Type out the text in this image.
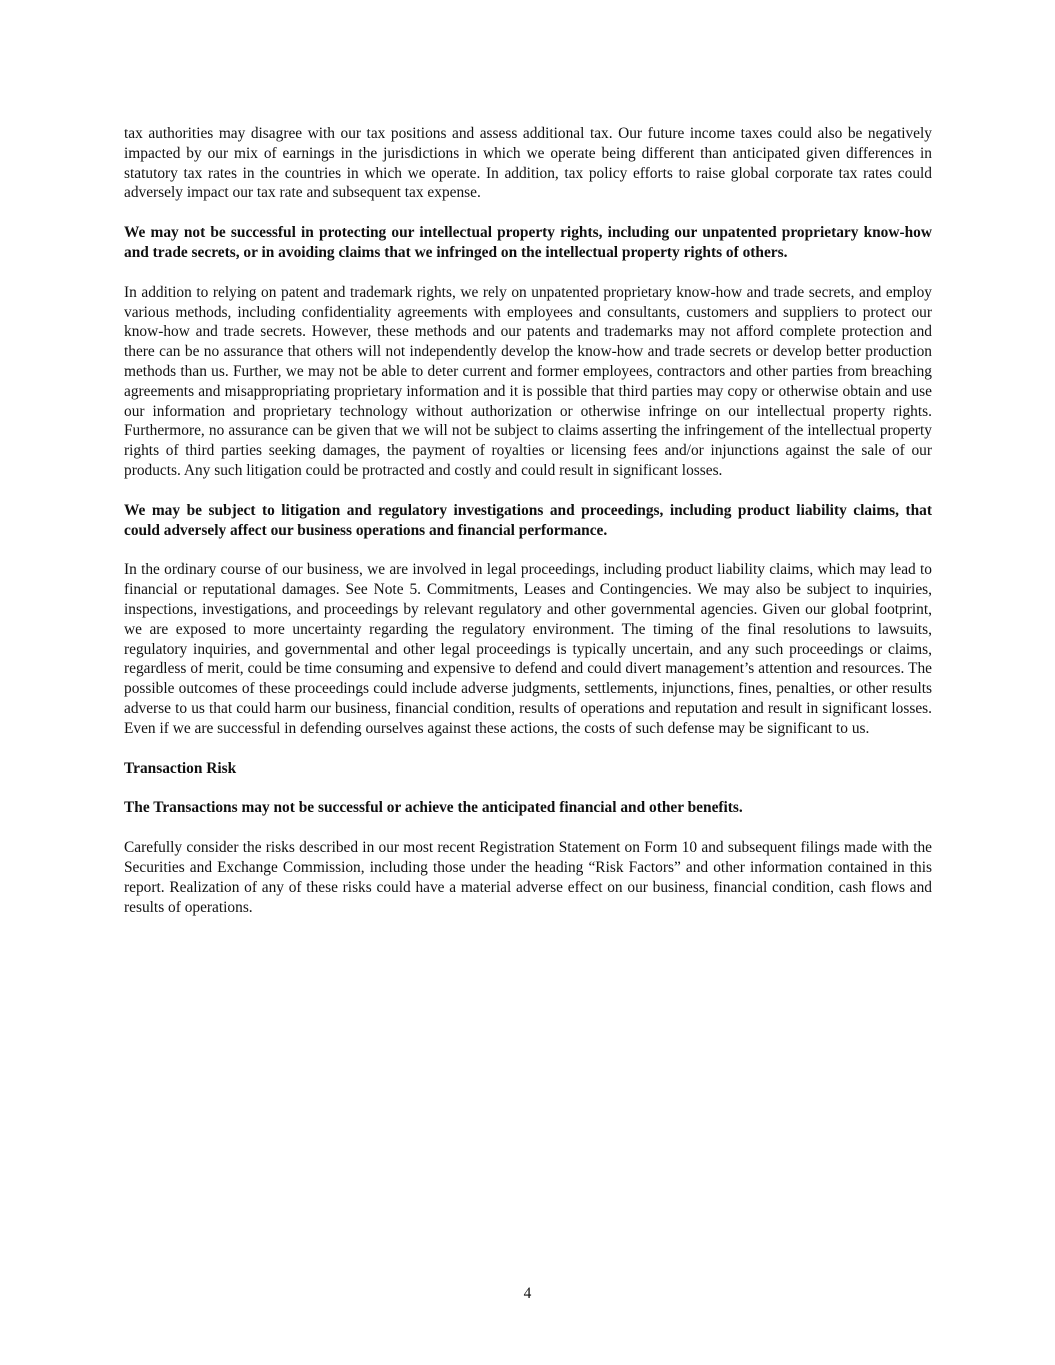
tax authorities may disagree with our tax positions and assess additional tax. Our future income taxes could also be negatively impacted by our mix of earnings in the jurisdictions in which we operate being different than anticipated given differences in statutory tax rates in the countries in which we operate. In addition, tax policy efforts to raise global corporate tax rates could adversely impact our tax rate and subsequent tax expense.

We may not be successful in protecting our intellectual property rights, including our unpatented proprietary know-how and trade secrets, or in avoiding claims that we infringed on the intellectual property rights of others.

In addition to relying on patent and trademark rights, we rely on unpatented proprietary know-how and trade secrets, and employ various methods, including confidentiality agreements with employees and consultants, customers and suppliers to protect our know-how and trade secrets. However, these methods and our patents and trademarks may not afford complete protection and there can be no assurance that others will not independently develop the know-how and trade secrets or develop better production methods than us. Further, we may not be able to deter current and former employees, contractors and other parties from breaching agreements and misappropriating proprietary information and it is possible that third parties may copy or otherwise obtain and use our information and proprietary technology without authorization or otherwise infringe on our intellectual property rights. Furthermore, no assurance can be given that we will not be subject to claims asserting the infringement of the intellectual property rights of third parties seeking damages, the payment of royalties or licensing fees and/or injunctions against the sale of our products. Any such litigation could be protracted and costly and could result in significant losses.

We may be subject to litigation and regulatory investigations and proceedings, including product liability claims, that could adversely affect our business operations and financial performance.

In the ordinary course of our business, we are involved in legal proceedings, including product liability claims, which may lead to financial or reputational damages. See Note 5. Commitments, Leases and Contingencies. We may also be subject to inquiries, inspections, investigations, and proceedings by relevant regulatory and other governmental agencies. Given our global footprint, we are exposed to more uncertainty regarding the regulatory environment. The timing of the final resolutions to lawsuits, regulatory inquiries, and governmental and other legal proceedings is typically uncertain, and any such proceedings or claims, regardless of merit, could be time consuming and expensive to defend and could divert management’s attention and resources. The possible outcomes of these proceedings could include adverse judgments, settlements, injunctions, fines, penalties, or other results adverse to us that could harm our business, financial condition, results of operations and reputation and result in significant losses. Even if we are successful in defending ourselves against these actions, the costs of such defense may be significant to us.

Transaction Risk

The Transactions may not be successful or achieve the anticipated financial and other benefits.

Carefully consider the risks described in our most recent Registration Statement on Form 10 and subsequent filings made with the Securities and Exchange Commission, including those under the heading “Risk Factors” and other information contained in this report. Realization of any of these risks could have a material adverse effect on our business, financial condition, cash flows and results of operations.

4
